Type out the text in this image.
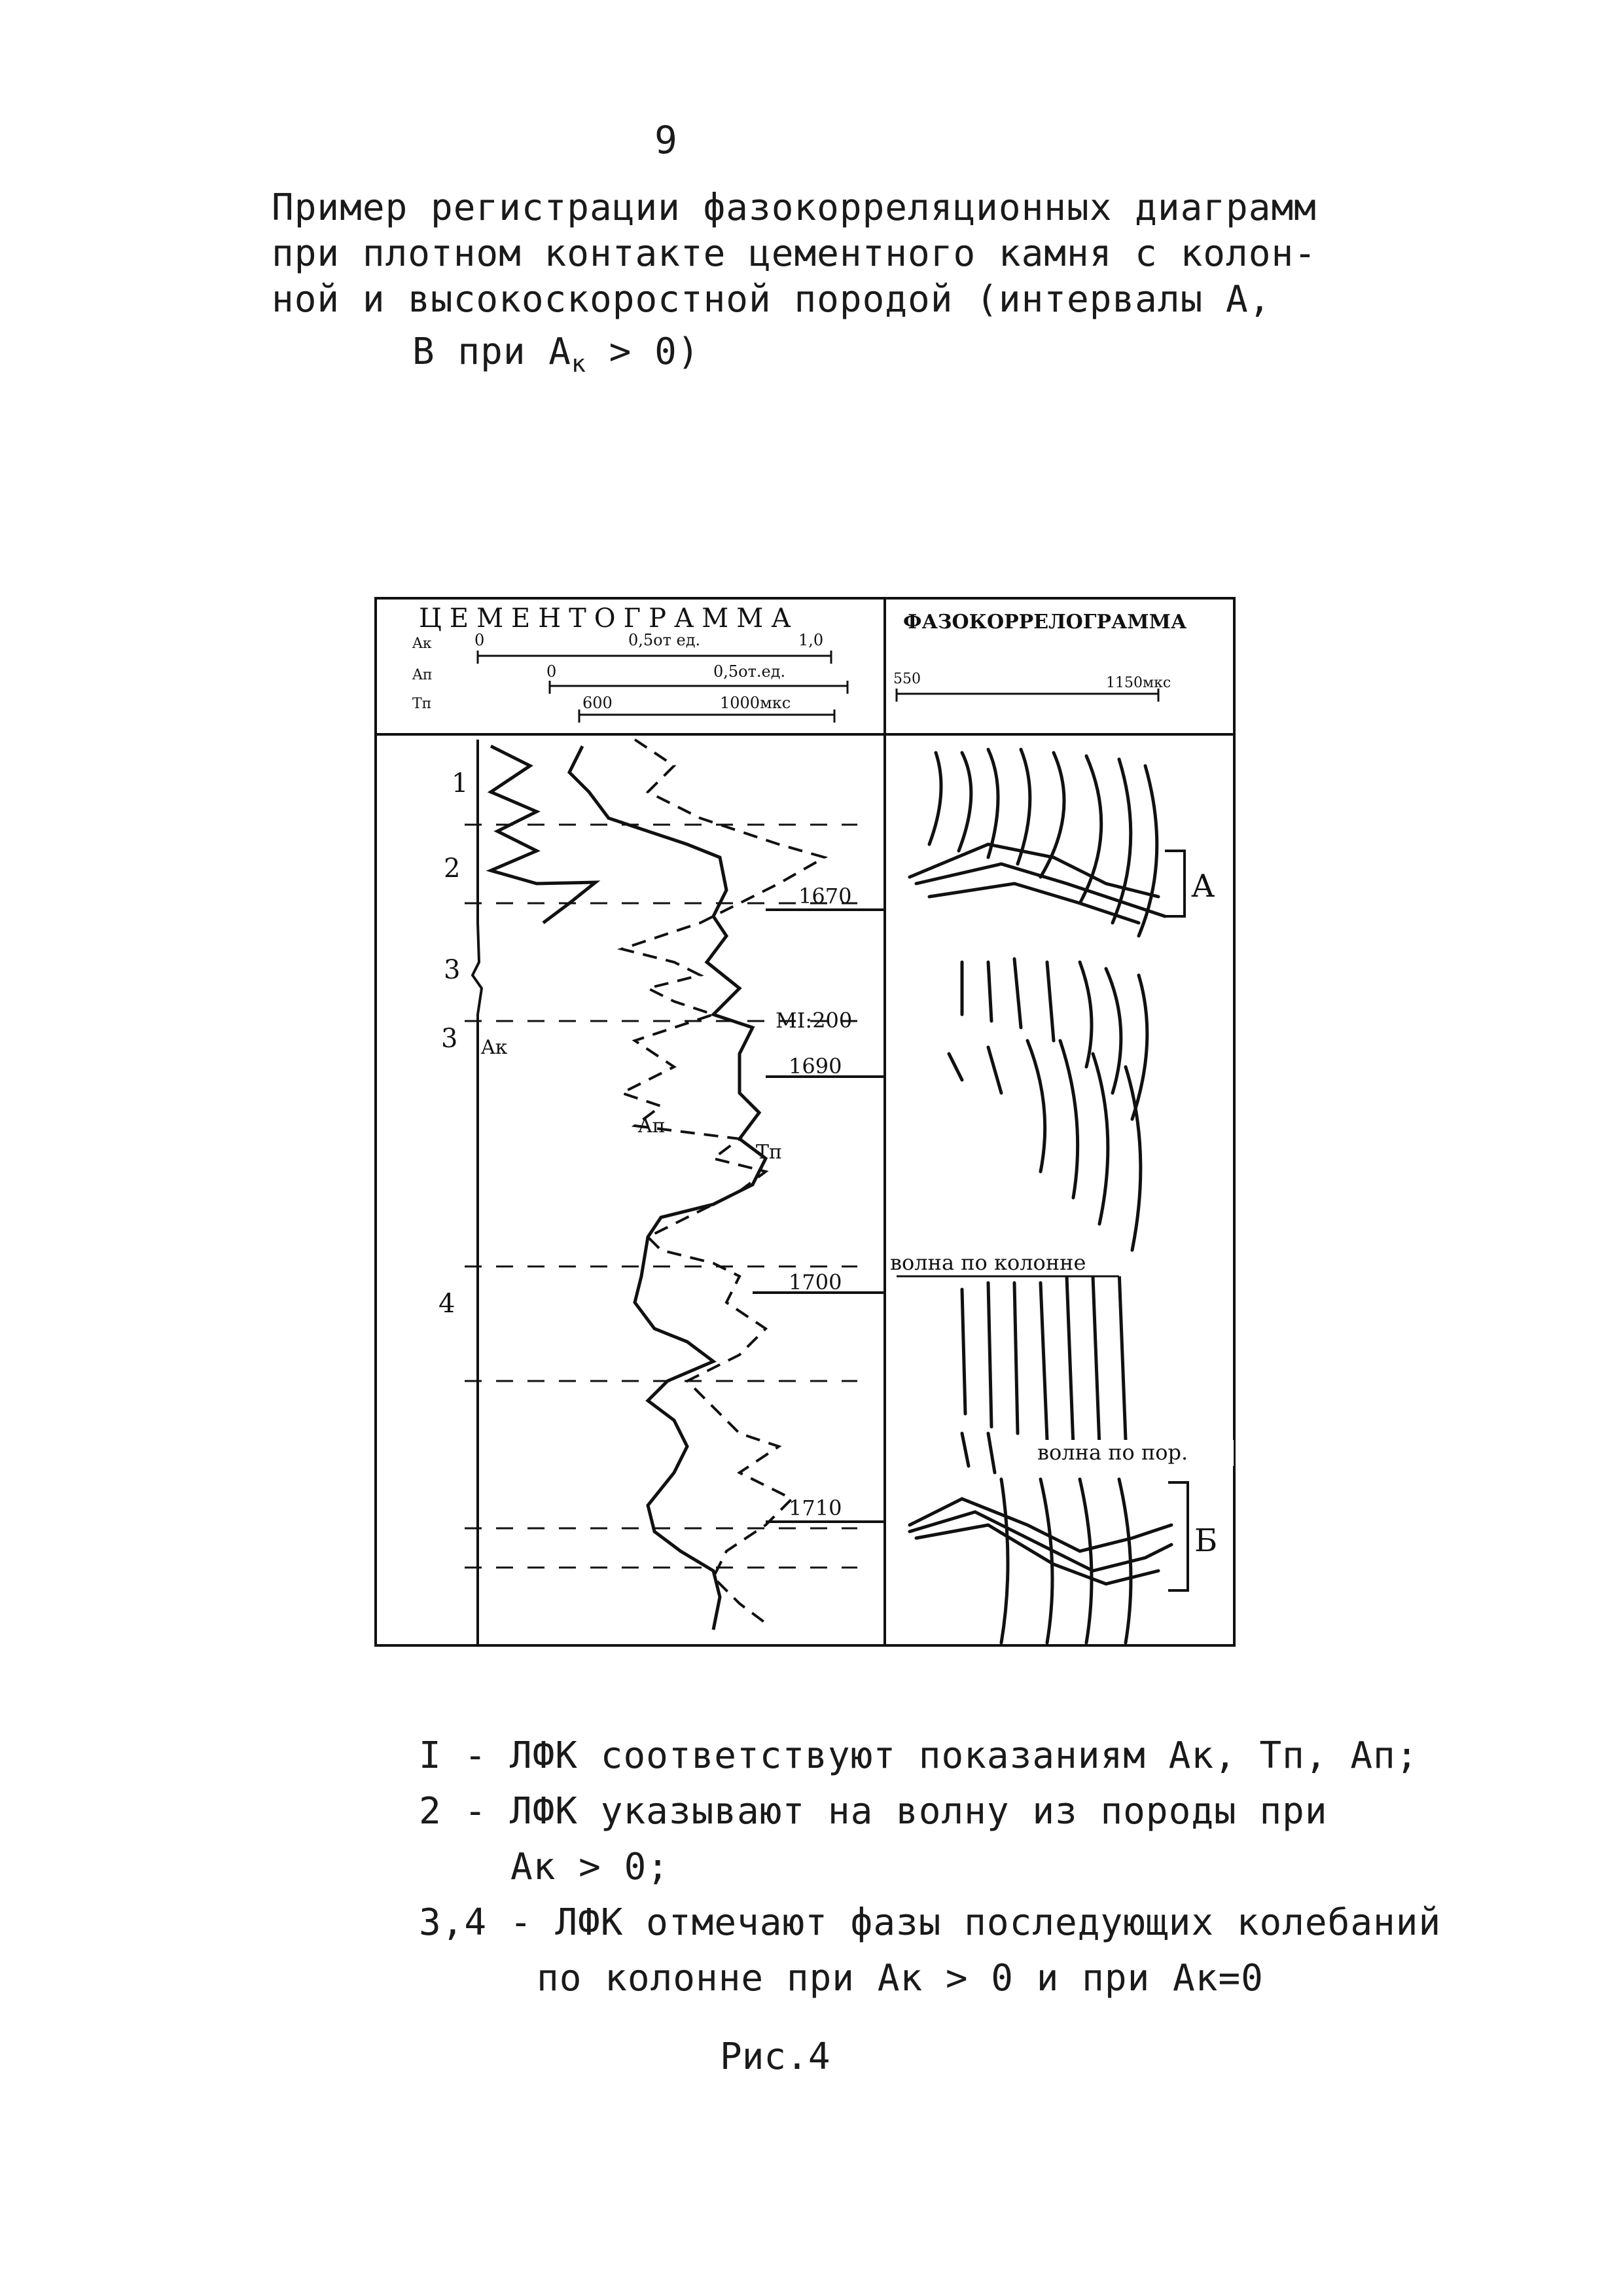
9
Пример регистрации фазокорреляционных диаграмм
при плотном контакте цементного камня с колон-
ной и высокоскоростной породой (интервалы А,
В при $А_к > 0$)
ЦЕМЕНТОГРАММА	ФАЗОКОРРЕЛОГРАММА
Aк	0	0,5от ед.	1,0
Aп	0	0,5от.ед.
Tп	600	1000мкс
550	1150мкс
1
2
3
3
4
1670
1690
1700
1710
MI:200
Aк
Aп
Tп
А
Б
волна по колонне
волна по пор.
I - ЛФК соответствуют показаниям Aк, Tп, Aп;
2 - ЛФК указывают на волну из породы при
Aк > 0;
3,4 - ЛФК отмечают фазы последующих колебаний
по колонне при Ак > 0 и при Ак=0
Рис.4
